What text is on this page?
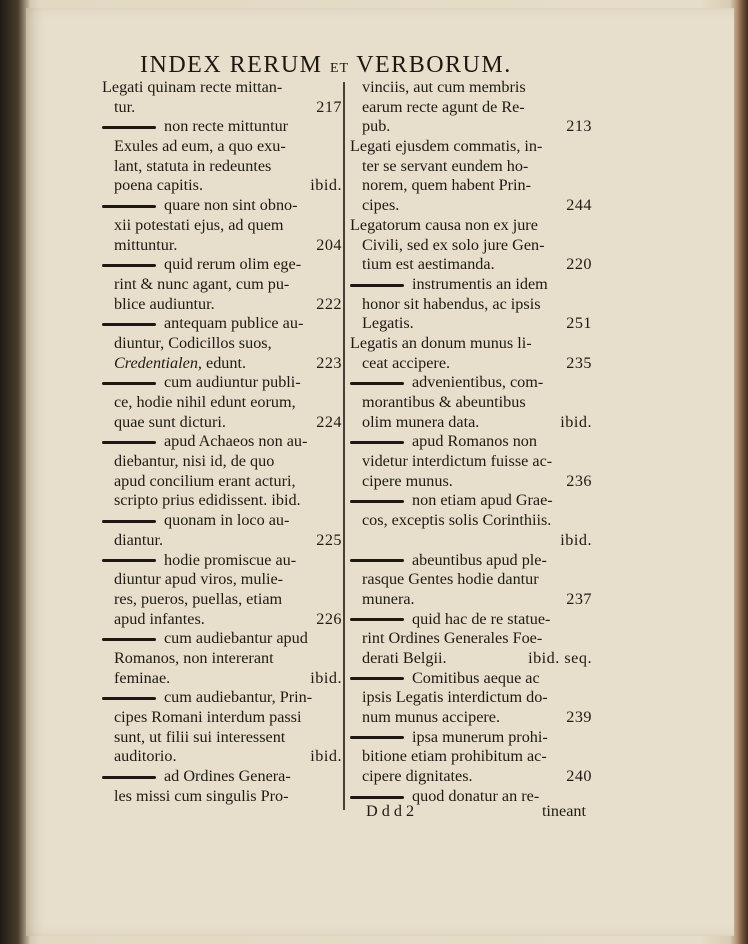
INDEX RERUM ET VERBORUM.
Legati quinam recte mittan-
tur.	217
non recte mittuntur
Exules ad eum, a quo exu-
lant, statuta in redeuntes
poena capitis.	ibid.
quare non sint obno-
xii potestati ejus, ad quem
mittuntur.	204
quid rerum olim ege-
rint & nunc agant, cum pu-
blice audiuntur.	222
antequam publice au-
diuntur, Codicillos suos,
Credentialen, edunt.	223
cum audiuntur publi-
ce, hodie nihil edunt eorum,
quae sunt dicturi.	224
apud Achaeos non au-
diebantur, nisi id, de quo
apud concilium erant acturi,
scripto prius edidissent. ibid.
quonam in loco au-
diantur.	225
hodie promiscue au-
diuntur apud viros, mulie-
res, pueros, puellas, etiam
apud infantes.	226
cum audiebantur apud
Romanos, non intererant
feminae.	ibid.
cum audiebantur, Prin-
cipes Romani interdum passi
sunt, ut filii sui interessent
auditorio.	ibid.
ad Ordines Genera-
les missi cum singulis Pro-
vinciis, aut cum membris
earum recte agunt de Re-
pub.	213
Legati ejusdem commatis, in-
ter se servant eundem ho-
norem, quem habent Prin-
cipes.	244
Legatorum causa non ex jure
Civili, sed ex solo jure Gen-
tium est aestimanda.	220
instrumentis an idem
honor sit habendus, ac ipsis
Legatis.	251
Legatis an donum munus li-
ceat accipere.	235
advenientibus, com-
morantibus & abeuntibus
olim munera data.	ibid.
apud Romanos non
videtur interdictum fuisse ac-
cipere munus.	236
non etiam apud Grae-
cos, exceptis solis Corinthiis.
ibid.
abeuntibus apud ple-
rasque Gentes hodie dantur
munera.	237
quid hac de re statue-
rint Ordines Generales Foe-
derati Belgii.	ibid. seq.
Comitibus aeque ac
ipsis Legatis interdictum do-
num munus accipere.	239
ipsa munerum prohi-
bitione etiam prohibitum ac-
cipere dignitates.	240
quod donatur an re-
D d d 2	tineant
